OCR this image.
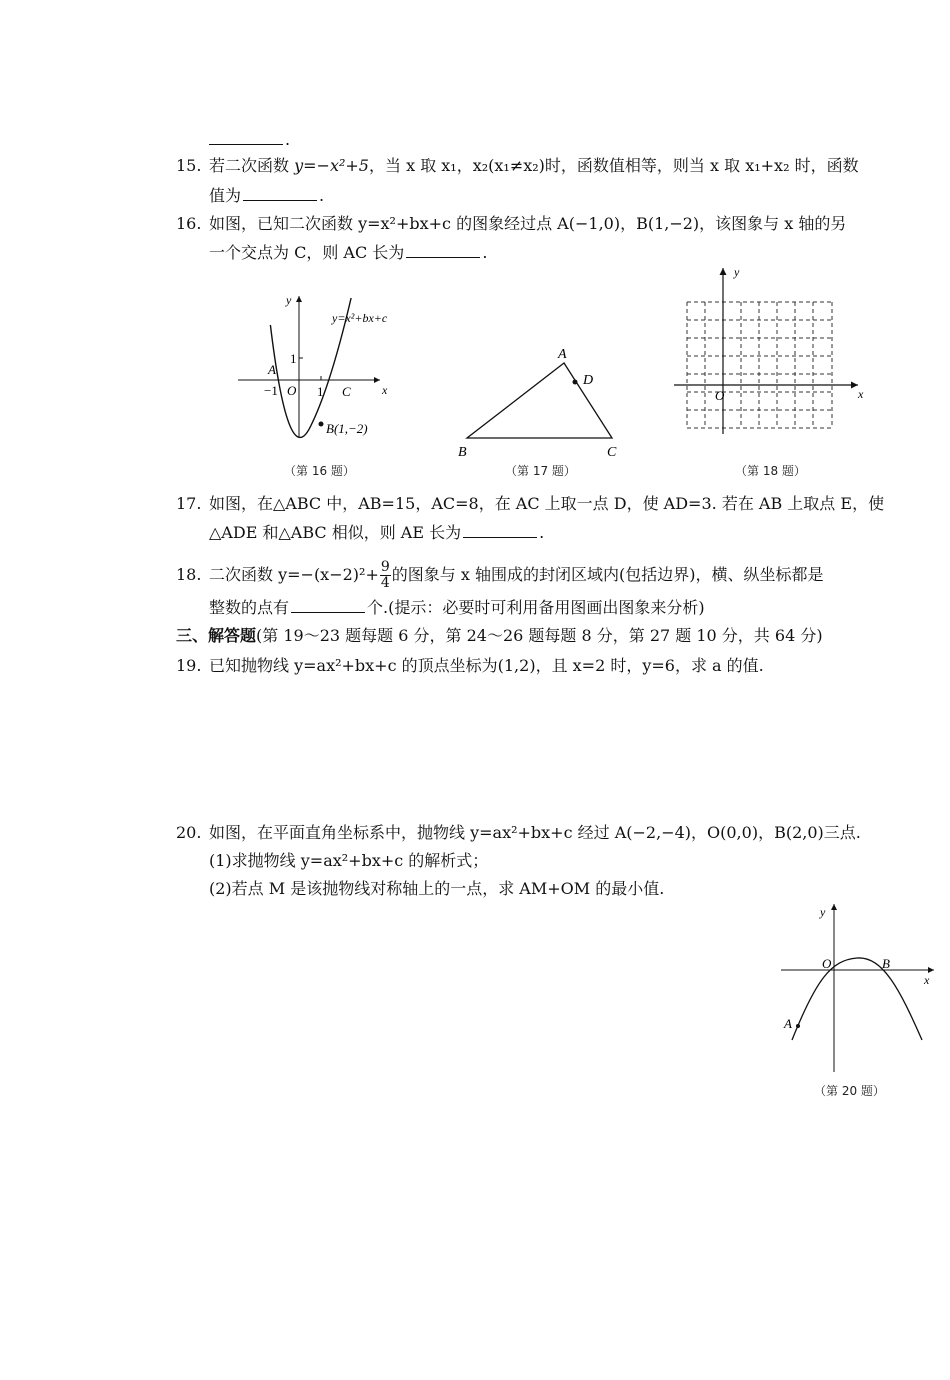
.
15. 若二次函数 y=−x²+5，当 x 取 x₁，x₂(x₁≠x₂)时，函数值相等，则当 x 取 x₁+x₂ 时，函数
值为	.
16. 如图，已知二次函数 y=x²+bx+c 的图象经过点 A(−1,0)，B(1,−2)，该图象与 x 轴的另
一个交点为 C，则 AC 长为	.
y
x
y=x²+bx+c
A
O	C
−1	1
1
B(1,−2)
（第 16 题）
A
B	C
D
（第 17 题）
y
x
O
（第 18 题）
17. 如图，在△ABC 中，AB=15，AC=8，在 AC 上取一点 D，使 AD=3. 若在 AB 上取点 E，使
△ADE 和△ABC 相似，则 AE 长为	.
18. 二次函数 $y=-(x-2)^2+ \frac{9}{4}$ 的图象与 x 轴围成的封闭区域内(包括边界)，横、纵坐标都是
整数的点有	个.(提示：必要时可利用备用图画出图象来分析)
三、解答题(第 19～23 题每题 6 分，第 24～26 题每题 8 分，第 27 题 10 分，共 64 分)
19. 已知抛物线 y=ax²+bx+c 的顶点坐标为(1,2)，且 x=2 时，y=6，求 a 的值.
20. 如图，在平面直角坐标系中，抛物线 y=ax²+bx+c 经过 A(−2,−4)，O(0,0)，B(2,0)三点.
(1)求抛物线 y=ax²+bx+c 的解析式；
(2)若点 M 是该抛物线对称轴上的一点，求 AM+OM 的最小值.
y
x
O
A
B
（第 20 题）
